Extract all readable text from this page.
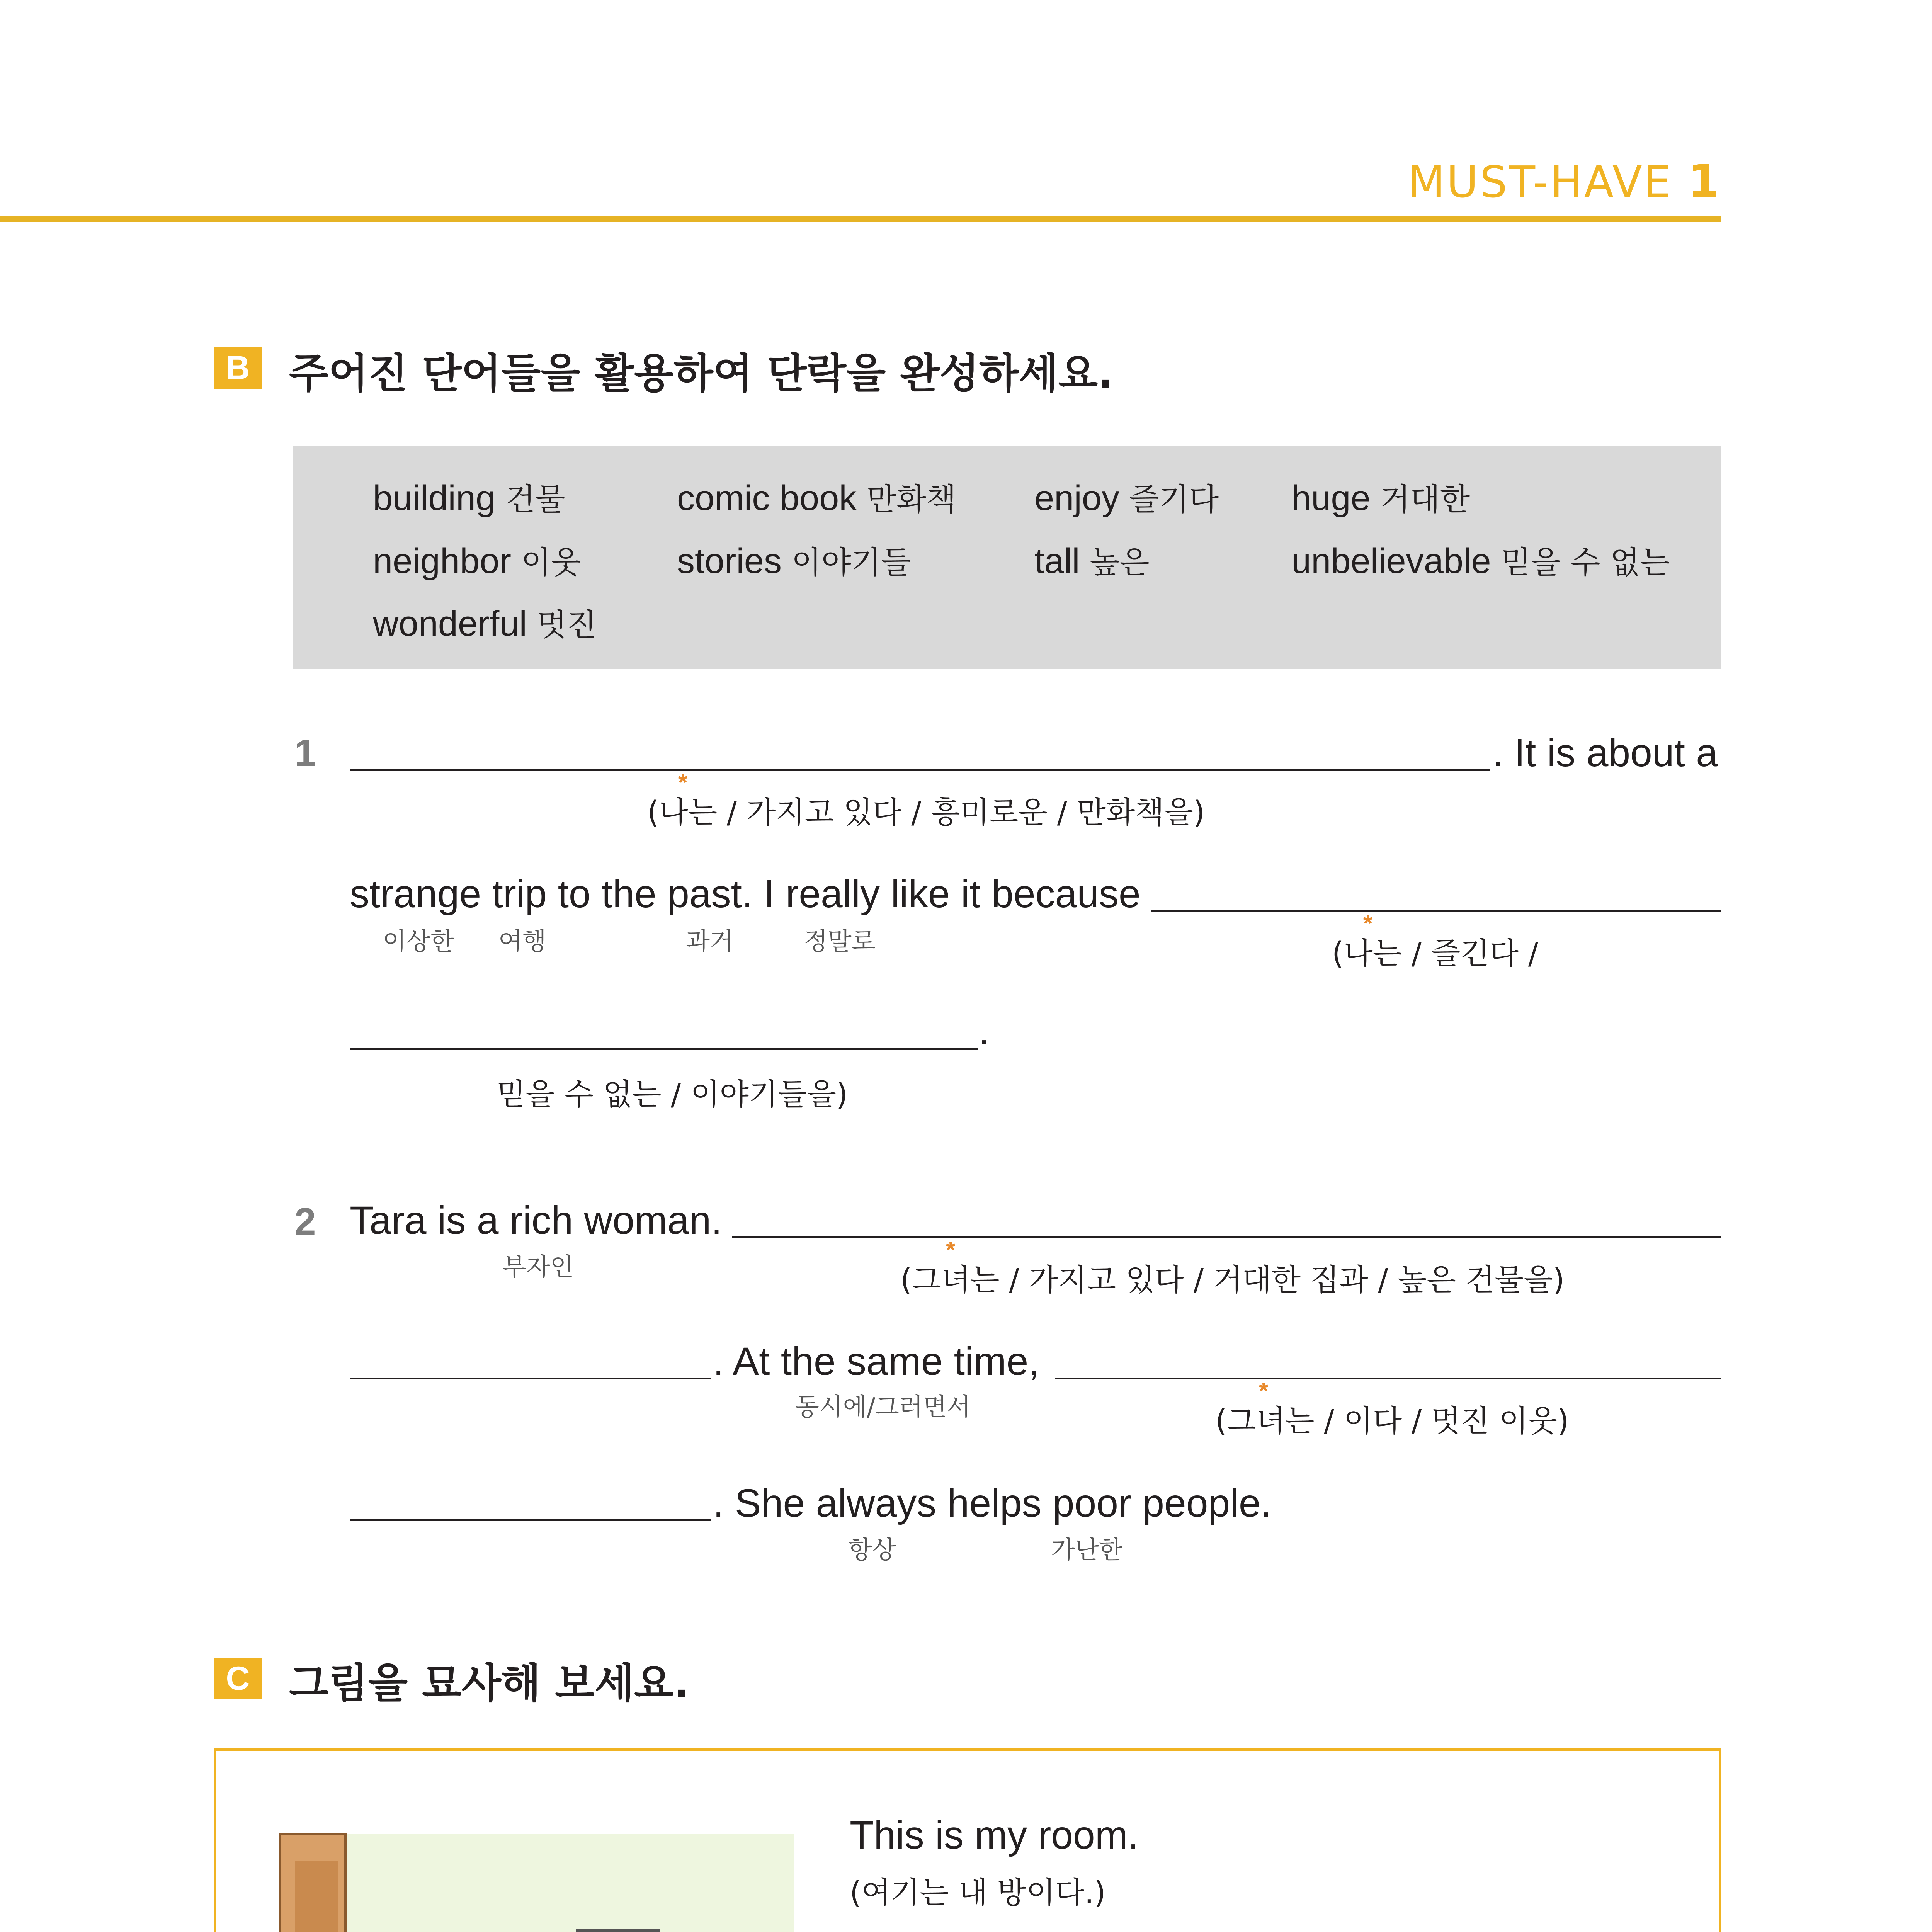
MUST-HAVE 1
B 주어진 단어들을 활용하여 단락을 완성하세요.
building 건물	comic book 만화책 enjoy 즐기다 huge 거대한
neighbor 이웃	stories 이야기들	tall 높은	unbelievable 믿을 수 없는
wonderful 멋진
1	. It is about a
*
(나는 / 가지고 있다 / 흥미로운 / 만화책을)
strange trip to the past. I really like it because
이상한 여행	과거	정말로
*
(나는 / 즐긴다 /
.
믿을 수 없는 / 이야기들을)
2 Tara is a rich woman.
부자인
*
(그녀는 / 가지고 있다 / 거대한 집과 / 높은 건물을)
. At the same time,
동시에/그러면서
*
(그녀는 / 이다 / 멋진 이웃)
. She always helps poor people.
항상	가난한
C 그림을 묘사해 보세요.
This is my room.
(여기는 내 방이다.)
